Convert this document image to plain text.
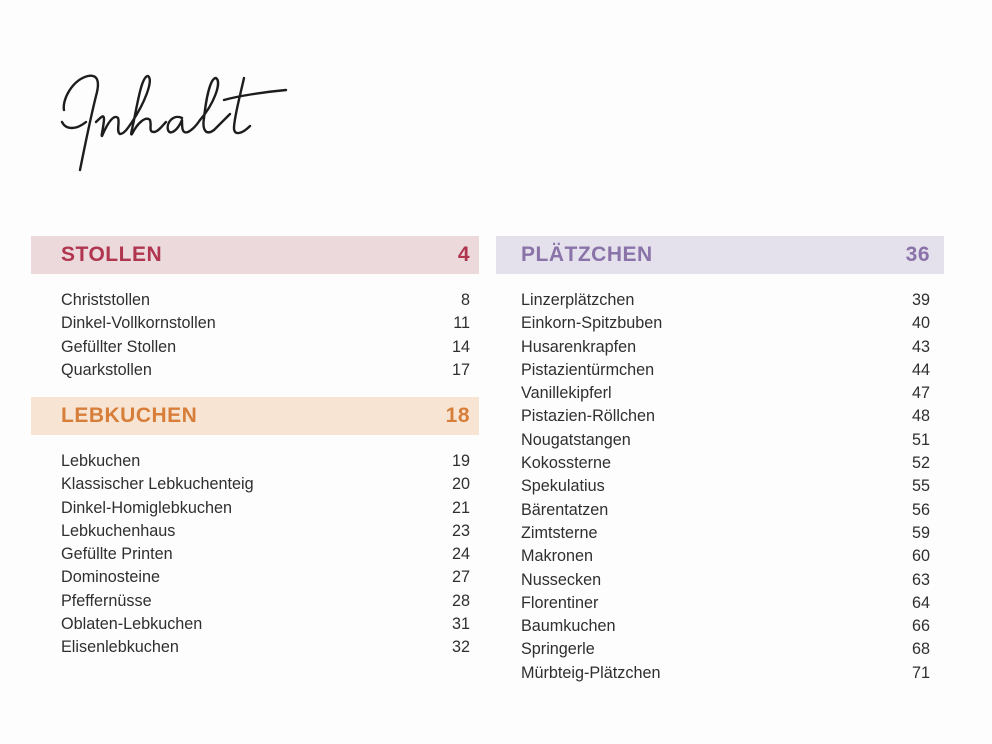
STOLLEN	4
Christstollen	8
Dinkel-Vollkornstollen	11
Gefüllter Stollen	14
Quarkstollen	17
LEBKUCHEN	18
Lebkuchen	19
Klassischer Lebkuchenteig	20
Dinkel-Homiglebkuchen	21
Lebkuchenhaus	23
Gefüllte Printen	24
Dominosteine	27
Pfeffernüsse	28
Oblaten-Lebkuchen	31
Elisenlebkuchen	32
PLÄTZCHEN	36
Linzerplätzchen	39
Einkorn-Spitzbuben	40
Husarenkrapfen	43
Pistazientürmchen	44
Vanillekipferl	47
Pistazien-Röllchen	48
Nougatstangen	51
Kokossterne	52
Spekulatius	55
Bärentatzen	56
Zimtsterne	59
Makronen	60
Nussecken	63
Florentiner	64
Baumkuchen	66
Springerle	68
Mürbteig-Plätzchen	71
